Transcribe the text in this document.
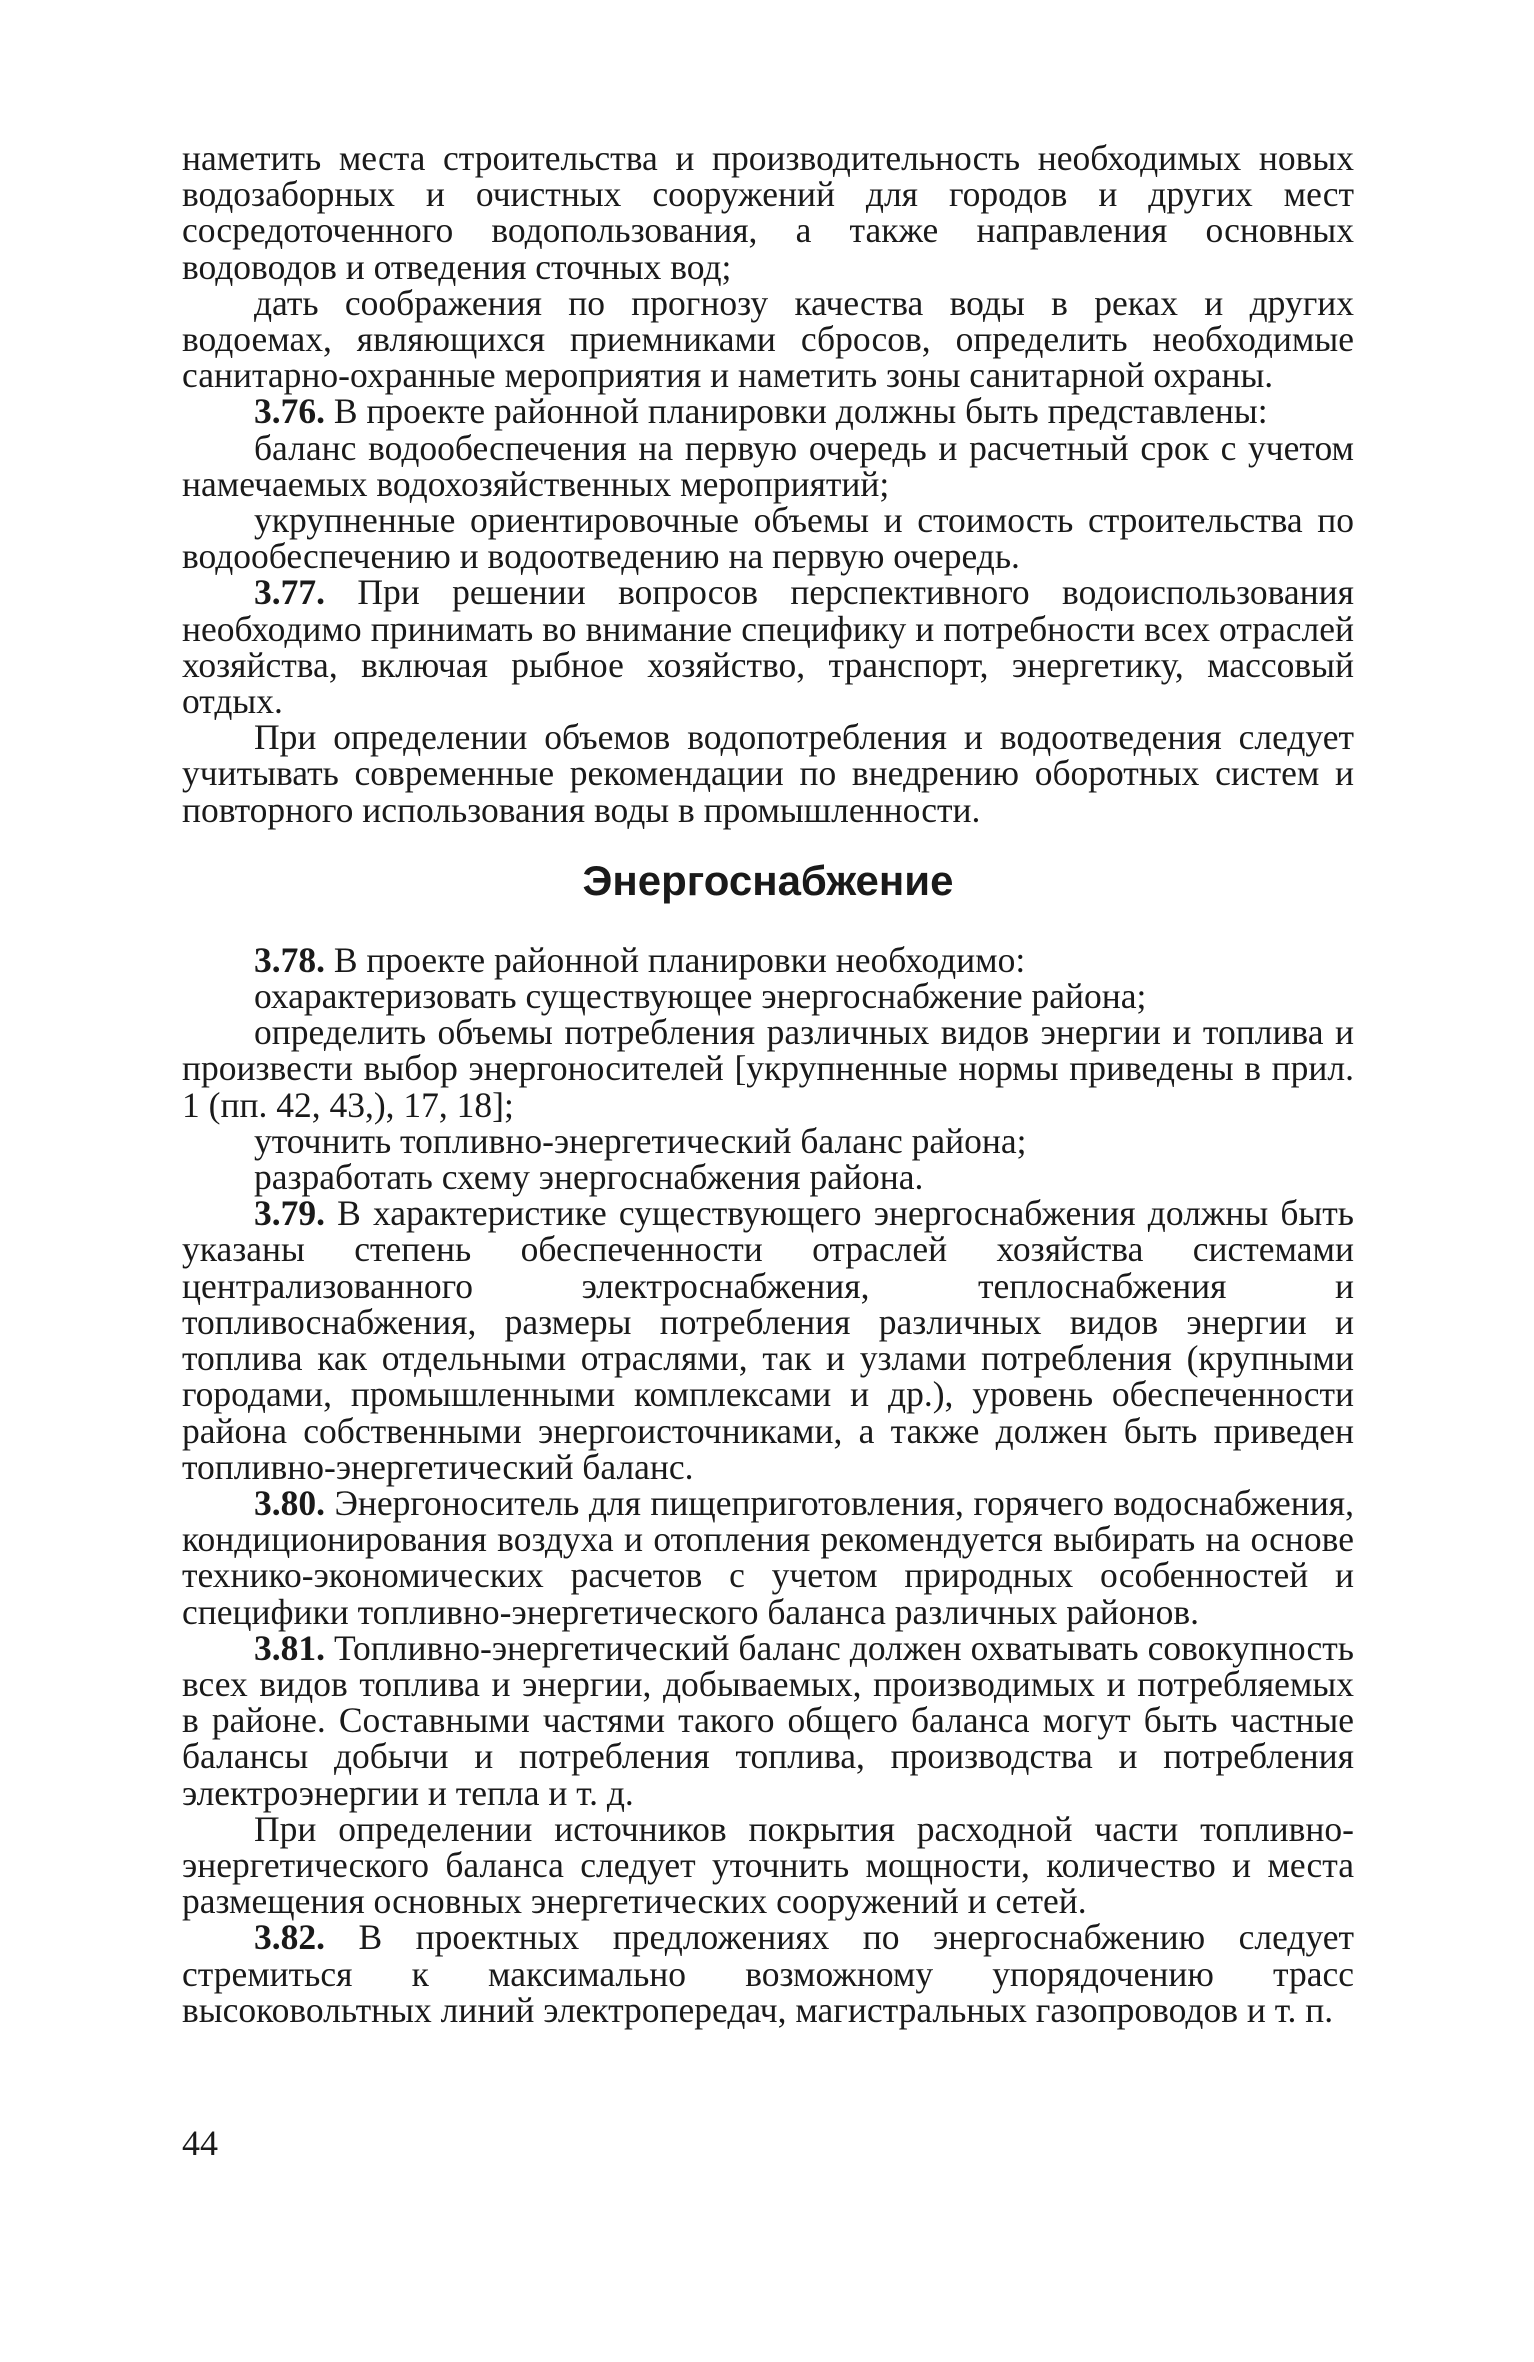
наметить места строительства и производительность необходимых новых водозаборных и очистных сооружений для городов и других мест сосредоточенного водопользования, а также направления основных водоводов и отведения сточных вод;

дать соображения по прогнозу качества воды в реках и других водоемах, являющихся приемниками сбросов, определить необходимые санитарно-охранные мероприятия и наметить зоны санитарной охраны.

3.76. В проекте районной планировки должны быть представлены:

баланс водообеспечения на первую очередь и расчетный срок с учетом намечаемых водохозяйственных мероприятий;

укрупненные ориентировочные объемы и стоимость строительства по водообеспечению и водоотведению на первую очередь.

3.77. При решении вопросов перспективного водоиспользования необходимо принимать во внимание специфику и потребности всех отраслей хозяйства, включая рыбное хозяйство, транспорт, энергетику, массовый отдых.

При определении объемов водопотребления и водоотведения следует учитывать современные рекомендации по внедрению оборотных систем и повторного использования воды в промышленности.

Энергоснабжение

3.78. В проекте районной планировки необходимо:

охарактеризовать существующее энергоснабжение района;

определить объемы потребления различных видов энергии и топлива и произвести выбор энергоносителей [укрупненные нормы приведены в прил. 1 (пп. 42, 43,), 17, 18];

уточнить топливно-энергетический баланс района;

разработать схему энергоснабжения района.

3.79. В характеристике существующего энергоснабжения должны быть указаны степень обеспеченности отраслей хозяйства системами централизованного электроснабжения, теплоснабжения и топливоснабжения, размеры потребления различных видов энергии и топлива как отдельными отраслями, так и узлами потребления (крупными городами, промышленными комплексами и др.), уровень обеспеченности района собственными энергоисточниками, а также должен быть приведен топливно-энергетический баланс.

3.80. Энергоноситель для пищеприготовления, горячего водоснабжения, кондиционирования воздуха и отопления рекомендуется выбирать на основе технико-экономических расчетов с учетом природных особенностей и специфики топливно-энергетического баланса различных районов.

3.81. Топливно-энергетический баланс должен охватывать совокупность всех видов топлива и энергии, добываемых, производимых и потребляемых в районе. Составными частями такого общего баланса могут быть частные балансы добычи и потребления топлива, производства и потребления электроэнергии и тепла и т. д.

При определении источников покрытия расходной части топливно-энергетического баланса следует уточнить мощности, количество и места размещения основных энергетических сооружений и сетей.

3.82. В проектных предложениях по энергоснабжению следует стремиться к максимально возможному упорядочению трасс высоковольтных линий электропередач, магистральных газопроводов и т. п.

44
